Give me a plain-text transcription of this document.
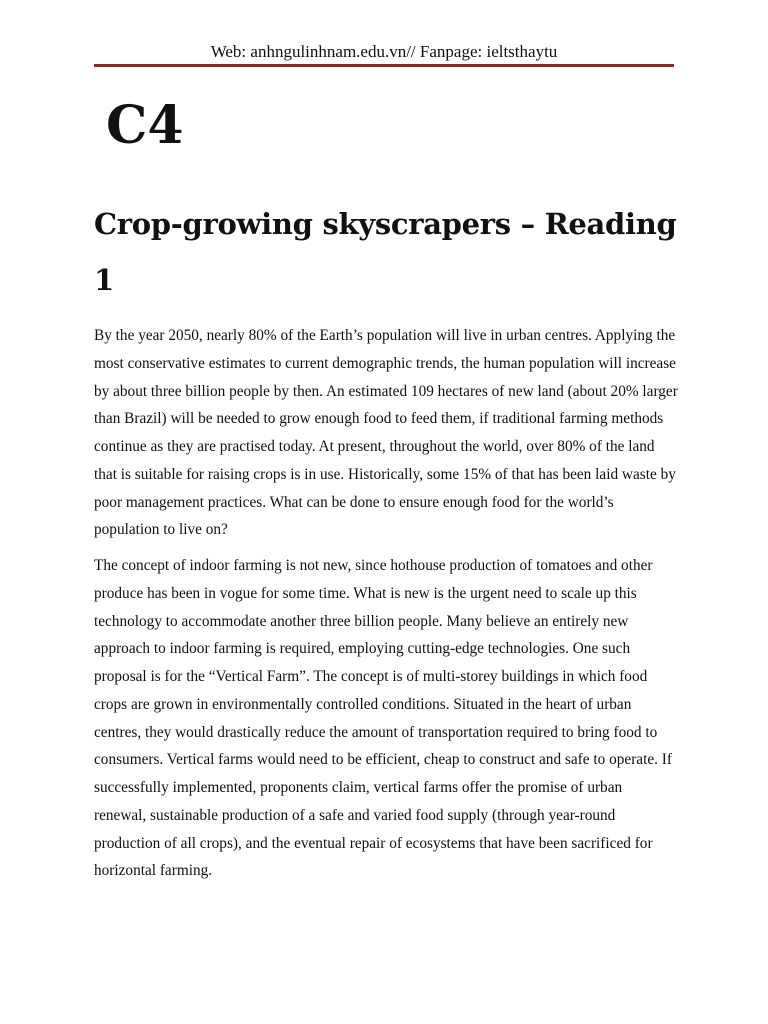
Web: anhngulinhnam.edu.vn// Fanpage: ieltsthaytu
C4
Crop-growing skyscrapers – Reading 1

By the year 2050, nearly 80% of the Earth’s population will live in urban centres. Applying the most conservative estimates to current demographic trends, the human population will increase by about three billion people by then. An estimated 109 hectares of new land (about 20% larger than Brazil) will be needed to grow enough food to feed them, if traditional farming methods continue as they are practised today. At present, throughout the world, over 80% of the land that is suitable for raising crops is in use. Historically, some 15% of that has been laid waste by poor management practices. What can be done to ensure enough food for the world’s population to live on?

The concept of indoor farming is not new, since hothouse production of tomatoes and other produce has been in vogue for some time. What is new is the urgent need to scale up this technology to accommodate another three billion people. Many believe an entirely new approach to indoor farming is required, employing cutting-edge technologies. One such proposal is for the “Vertical Farm”. The concept is of multi-storey buildings in which food crops are grown in environmentally controlled conditions. Situated in the heart of urban centres, they would drastically reduce the amount of transportation required to bring food to consumers. Vertical farms would need to be efficient, cheap to construct and safe to operate. If successfully implemented, proponents claim, vertical farms offer the promise of urban renewal, sustainable production of a safe and varied food supply (through year-round production of all crops), and the eventual repair of ecosystems that have been sacrificed for horizontal farming.
